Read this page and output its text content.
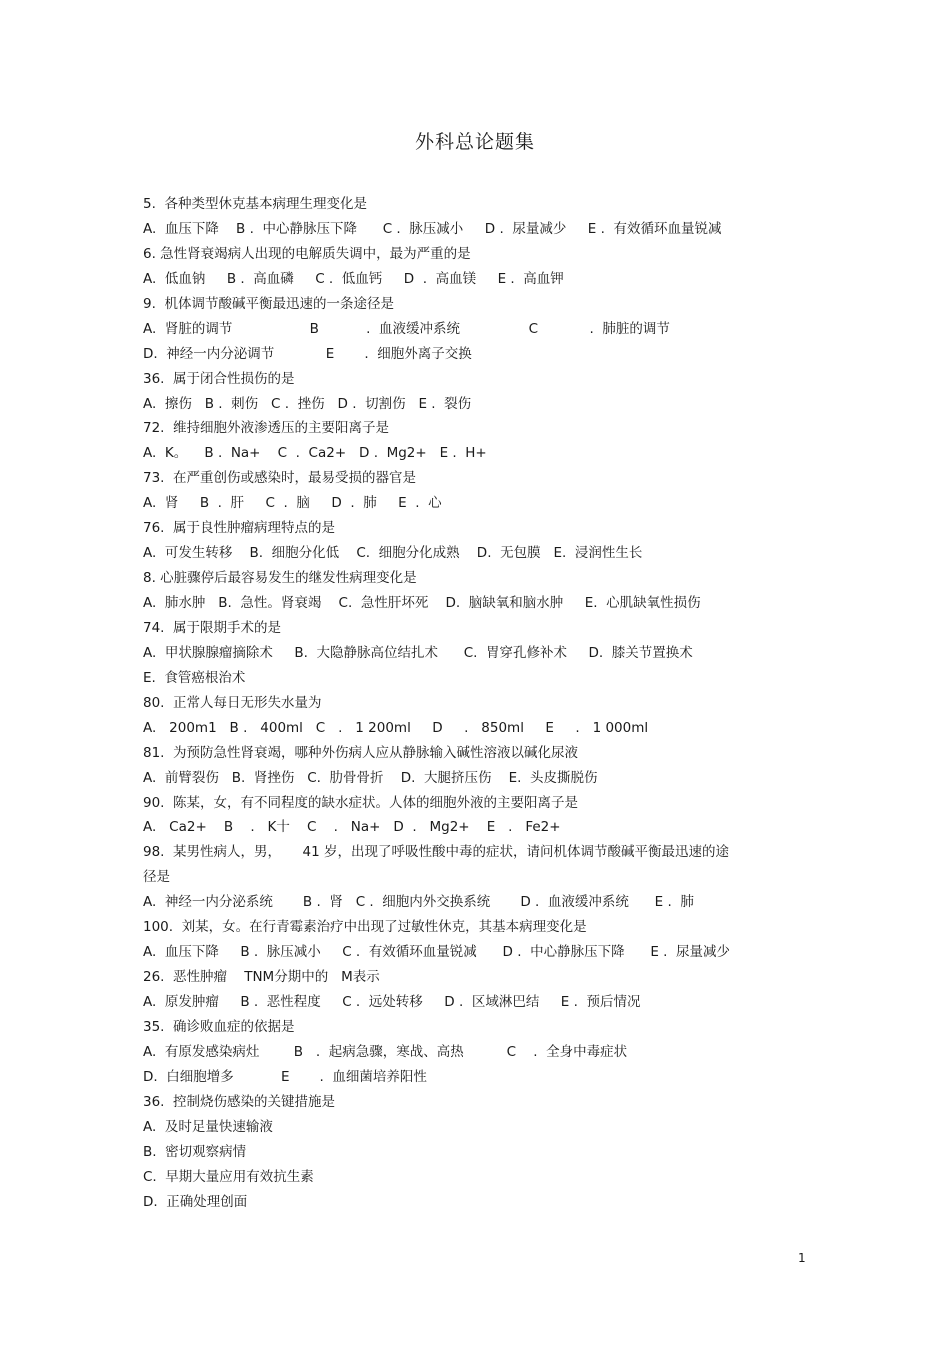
外科总论题集
5.  各种类型休克基本病理生理变化是
A.  血压下降    B .  中心静脉压下降      C .  脉压减小     D .  尿量减少     E .  有效循环血量锐减
6. 急性肾衰竭病人出现的电解质失调中，最为严重的是
A.  低血钠     B .  高血磷     C .  低血钙     D  .  高血镁     E .  高血钾
9.  机体调节酸碱平衡最迅速的一条途径是
A.  肾脏的调节                  B           .  血液缓冲系统                C            .  肺脏的调节
D.  神经一内分泌调节            E       .  细胞外离子交换
36.  属于闭合性损伤的是
A.  擦伤   B .  刺伤   C .  挫伤   D .  切割伤   E .  裂伤
72.  维持细胞外液渗透压的主要阳离子是
A.  K。    B .  Na+    C  .  Ca2+   D .  Mg2+   E .  H+
73.  在严重创伤或感染时，最易受损的器官是
A.  肾     B  .  肝     C  .  脑     D  .  肺     E  .  心
76.  属于良性肿瘤病理特点的是
A.  可发生转移    B.  细胞分化低    C.  细胞分化成熟    D.  无包膜   E.  浸润性生长
8. 心脏骤停后最容易发生的继发性病理变化是
A.  肺水肿   B.  急性。肾衰竭    C.  急性肝坏死    D.  脑缺氧和脑水肿     E.  心肌缺氧性损伤
74.  属于限期手术的是
A.  甲状腺腺瘤摘除术     B.  大隐静脉高位结扎术      C.  胃穿孔修补术     D.  膝关节置换术
E.  食管癌根治术
80.  正常人每日无形失水量为
A.   200m1   B .   400ml   C   .   1 200ml     D     .   850ml     E     .   1 000ml
81.  为预防急性肾衰竭，哪种外伤病人应从静脉输入碱性溶液以碱化尿液
A.  前臂裂伤   B.  肾挫伤   C.  肋骨骨折    D.  大腿挤压伤    E.  头皮撕脱伤
90.  陈某，女，有不同程度的缺水症状。人体的细胞外液的主要阳离子是
A.   Ca2+    B    .   K十    C    .   Na+   D  .   Mg2+    E   .   Fe2+
98.  某男性病人，男，     41 岁，出现了呼吸性酸中毒的症状，请问机体调节酸碱平衡最迅速的途
径是
A.  神经一内分泌系统       B .  肾   C .  细胞内外交换系统       D .  血液缓冲系统      E .  肺
100.  刘某，女。在行青霉素治疗中出现了过敏性休克，其基本病理变化是
A.  血压下降     B .  脉压减小     C .  有效循环血量锐减      D .  中心静脉压下降      E .  尿量减少
26.  恶性肿瘤    TNM分期中的   M表示
A.  原发肿瘤     B .  恶性程度     C .  远处转移     D .  区域淋巴结     E .  预后情况
35.  确诊败血症的依据是
A.  有原发感染病灶        B   .  起病急骤，寒战、高热          C    .  全身中毒症状
D.  白细胞增多           E       .  血细菌培养阳性
36.  控制烧伤感染的关键措施是
A.  及时足量快速输液
B.  密切观察病情
C.  早期大量应用有效抗生素
D.  正确处理创面
1
